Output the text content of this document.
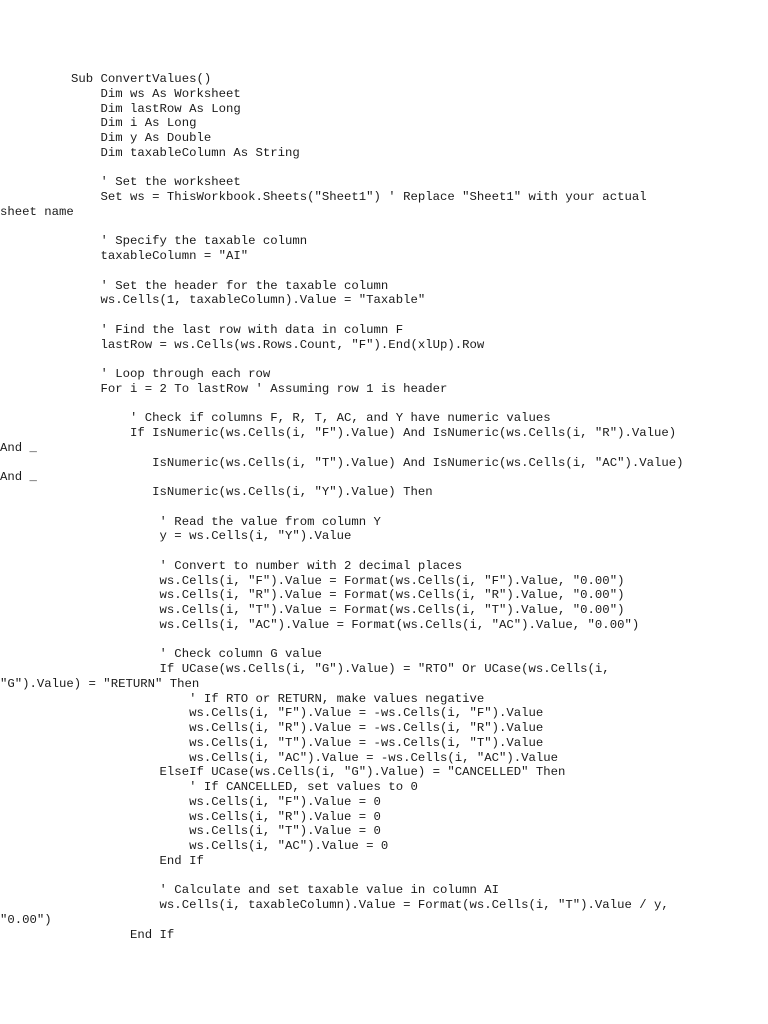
Sub ConvertValues()
Dim ws As Worksheet
Dim lastRow As Long
Dim i As Long
Dim y As Double
Dim taxableColumn As String
' Set the worksheet
Set ws = ThisWorkbook.Sheets("Sheet1") ' Replace "Sheet1" with your actual
sheet name
' Specify the taxable column
taxableColumn = "AI"
' Set the header for the taxable column
ws.Cells(1, taxableColumn).Value = "Taxable"
' Find the last row with data in column F
lastRow = ws.Cells(ws.Rows.Count, "F").End(xlUp).Row
' Loop through each row
For i = 2 To lastRow ' Assuming row 1 is header
' Check if columns F, R, T, AC, and Y have numeric values
If IsNumeric(ws.Cells(i, "F").Value) And IsNumeric(ws.Cells(i, "R").Value)
And _
IsNumeric(ws.Cells(i, "T").Value) And IsNumeric(ws.Cells(i, "AC").Value)
And _
IsNumeric(ws.Cells(i, "Y").Value) Then
' Read the value from column Y
y = ws.Cells(i, "Y").Value
' Convert to number with 2 decimal places
ws.Cells(i, "F").Value = Format(ws.Cells(i, "F").Value, "0.00")
ws.Cells(i, "R").Value = Format(ws.Cells(i, "R").Value, "0.00")
ws.Cells(i, "T").Value = Format(ws.Cells(i, "T").Value, "0.00")
ws.Cells(i, "AC").Value = Format(ws.Cells(i, "AC").Value, "0.00")
' Check column G value
If UCase(ws.Cells(i, "G").Value) = "RTO" Or UCase(ws.Cells(i,
"G").Value) = "RETURN" Then
' If RTO or RETURN, make values negative
ws.Cells(i, "F").Value = -ws.Cells(i, "F").Value
ws.Cells(i, "R").Value = -ws.Cells(i, "R").Value
ws.Cells(i, "T").Value = -ws.Cells(i, "T").Value
ws.Cells(i, "AC").Value = -ws.Cells(i, "AC").Value
ElseIf UCase(ws.Cells(i, "G").Value) = "CANCELLED" Then
' If CANCELLED, set values to 0
ws.Cells(i, "F").Value = 0
ws.Cells(i, "R").Value = 0
ws.Cells(i, "T").Value = 0
ws.Cells(i, "AC").Value = 0
End If
' Calculate and set taxable value in column AI
ws.Cells(i, taxableColumn).Value = Format(ws.Cells(i, "T").Value / y,
"0.00")
End If
